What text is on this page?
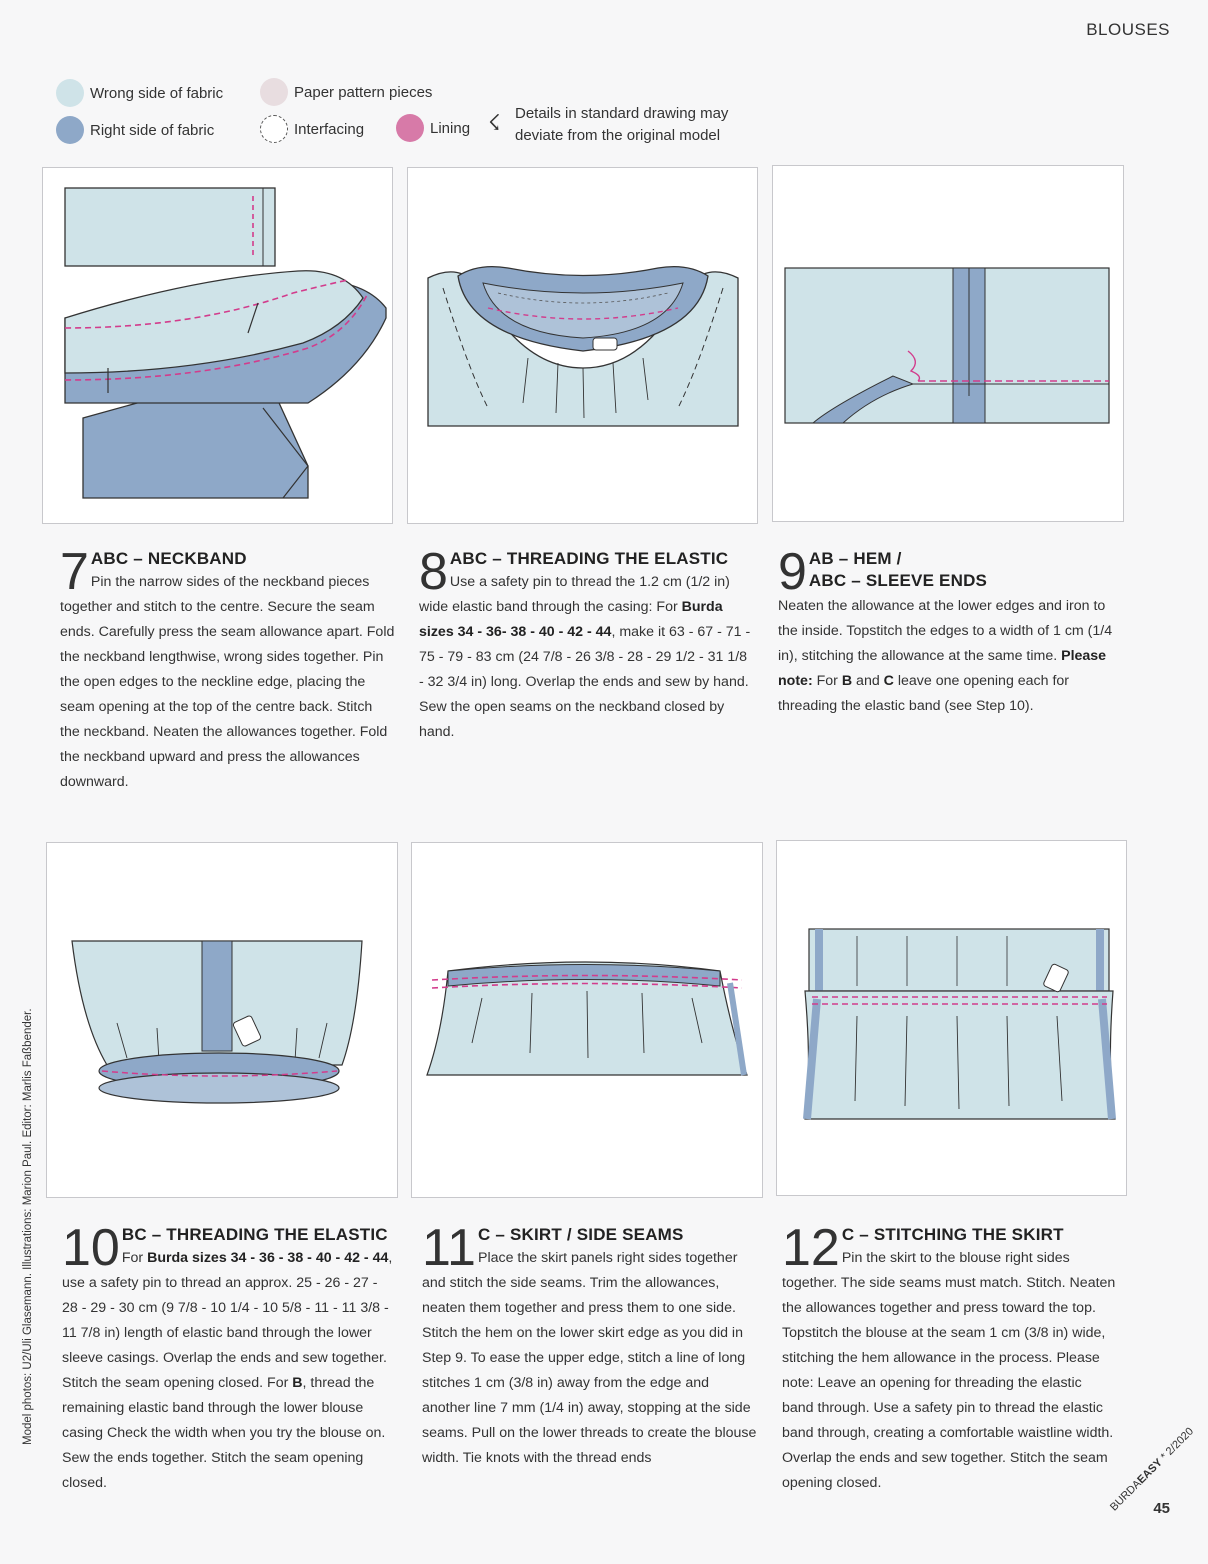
BLOUSES
Wrong side of fabric
Right side of fabric
Paper pattern pieces
Interfacing	Lining ☇ Details in standard drawing may
deviate from the original model
7 ABC – NECKBAND

Pin the narrow sides of the neckband pieces together and stitch to the centre. Secure the seam ends. Carefully press the seam allowance apart. Fold the neckband lengthwise, wrong sides together. Pin the open edges to the neckline edge, placing the seam opening at the top of the centre back. Stitch the neckband. Neaten the allowances together. Fold the neckband upward and press the allowances downward.

8 ABC – THREADING THE ELASTIC

Use a safety pin to thread the 1.2 cm (1/2 in) wide elastic band through the casing: For Burda sizes 34 - 36- 38 - 40 - 42 - 44, make it 63 - 67 - 71 - 75 - 79 - 83 cm (24 7/8 - 26 3/8 - 28 - 29 1/2 - 31 1/8 - 32 3/4 in) long. Overlap the ends and sew by hand. Sew the open seams on the neckband closed by hand.

9 AB – HEM /
ABC – SLEEVE ENDS

Neaten the allowance at the lower edges and iron to the inside. Topstitch the edges to a width of 1 cm (1/4 in), stitching the allowance at the same time. Please note: For B and C leave one opening each for threading the elastic band (see Step 10).

10 BC – THREADING THE ELASTIC

For Burda sizes 34 - 36 - 38 - 40 - 42 - 44, use a safety pin to thread an approx. 25 - 26 - 27 - 28 - 29 - 30 cm (9 7/8 - 10 1/4 - 10 5/8 - 11 - 11 3/8 - 11 7/8 in) length of elastic band through the lower sleeve casings. Overlap the ends and sew together. Stitch the seam opening closed. For B, thread the remaining elastic band through the lower blouse casing Check the width when you try the blouse on. Sew the ends together. Stitch the seam opening closed.

11 C – SKIRT / SIDE SEAMS

Place the skirt panels right sides together and stitch the side seams. Trim the allowances, neaten them together and press them to one side. Stitch the hem on the lower skirt edge as you did in Step 9. To ease the upper edge, stitch a line of long stitches 1 cm (3/8 in) away from the edge and another line 7 mm (1/4 in) away, stopping at the side seams. Pull on the lower threads to create the blouse width. Tie knots with the thread ends

12 C – STITCHING THE SKIRT

Pin the skirt to the blouse right sides together. The side seams must match. Stitch. Neaten the allowances together and press toward the top. Topstitch the blouse at the seam 1 cm (3/8 in) wide, stitching the hem allowance in the process. Please note: Leave an opening for threading the elastic band through. Use a safety pin to thread the elastic band through, creating a comfortable waistline width. Overlap the ends and sew together. Stitch the seam opening closed.

Model photos: U2/Uli Glasemann. Illustrations: Marion Paul. Editor: Marlis Faßbender.
BURDAEASY * 2/2020
45
